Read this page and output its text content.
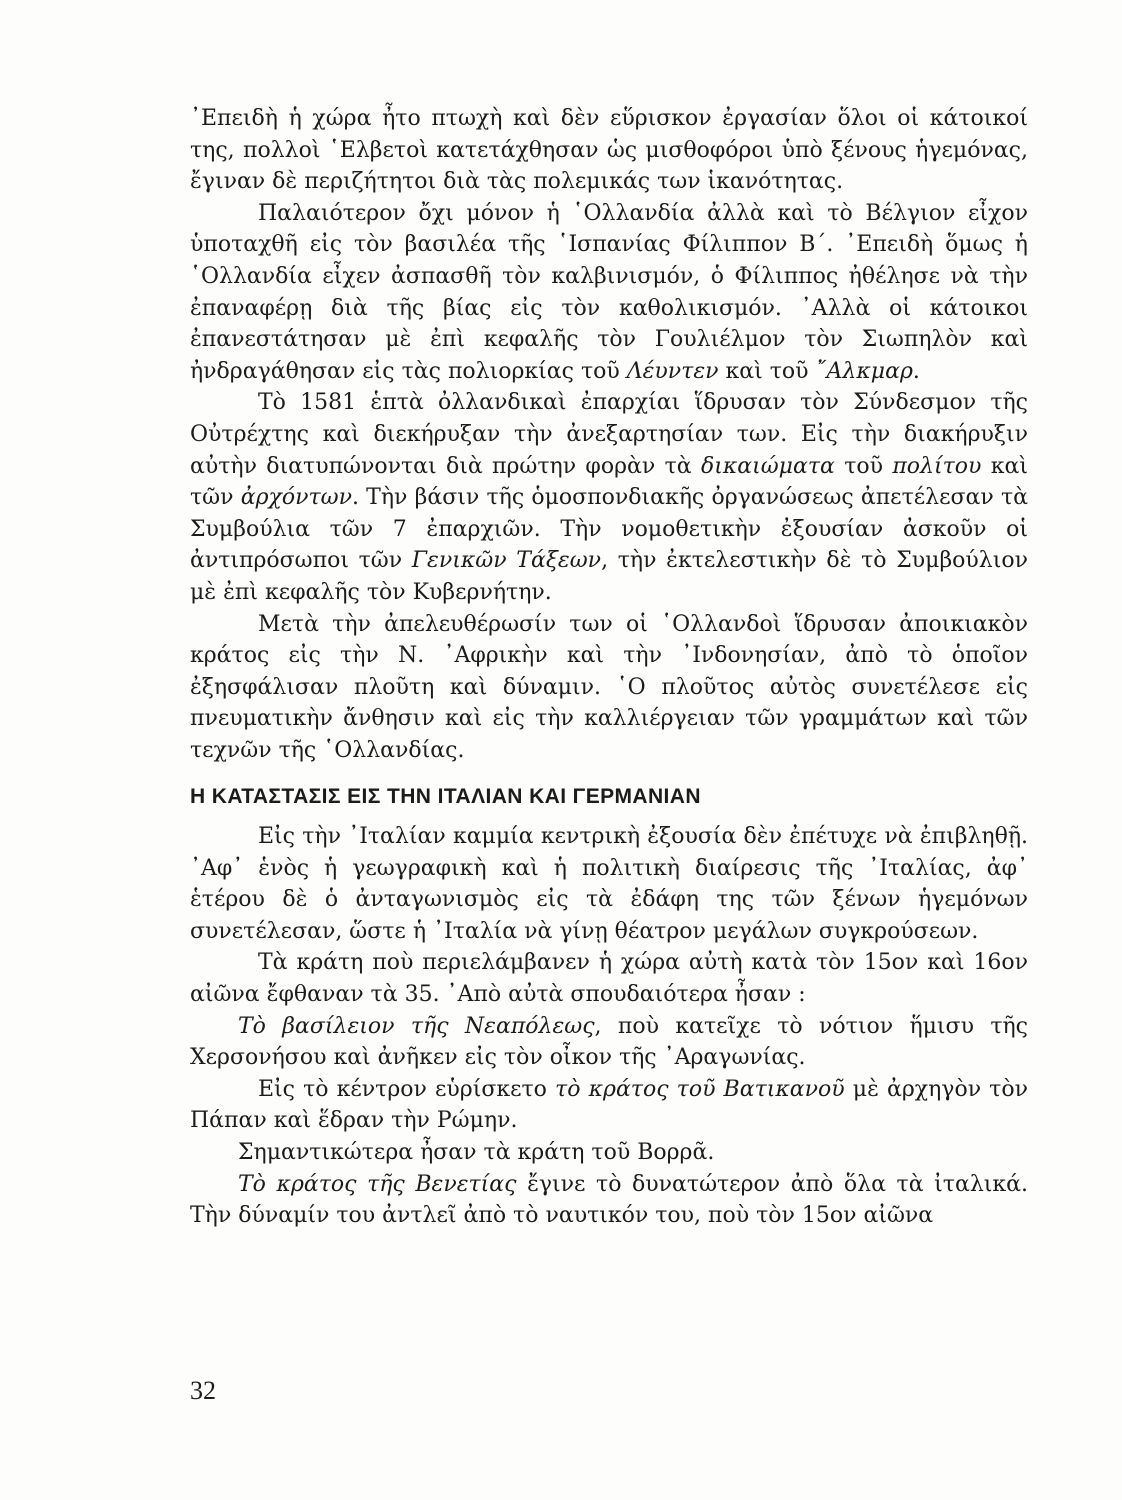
᾿Επειδὴ ἡ χώρα ἦτο πτωχὴ καὶ δὲν εὕρισκον ἐργασίαν ὅλοι οἱ κάτοικοί της, πολλοὶ ῾Ελβετοὶ κατετάχθησαν ὡς μισθοφόροι ὑπὸ ξένους ἡγεμόνας, ἔγιναν δὲ περιζήτητοι διὰ τὰς πολεμικάς των ἱκανότητας.

Παλαιότερον ὄχι μόνον ἡ ῾Ολλανδία ἀλλὰ καὶ τὸ Βέλγιον εἶχον ὑποταχθῆ εἰς τὸν βασιλέα τῆς ῾Ισπανίας Φίλιππον Β΄. ᾿Επειδὴ ὅμως ἡ ῾Ολλανδία εἶχεν ἀσπασθῆ τὸν καλβινισμόν, ὁ Φίλιππος ἠθέλησε νὰ τὴν ἐπαναφέρῃ διὰ τῆς βίας εἰς τὸν καθολικισμόν. ᾿Αλλὰ οἱ κάτοικοι ἐπανεστάτησαν μὲ ἐπὶ κεφαλῆς τὸν Γουλιέλμον τὸν Σιωπηλὸν καὶ ἠνδραγάθησαν εἰς τὰς πολιορκίας τοῦ Λέυντεν καὶ τοῦ ῎Αλκμαρ.

Τὸ 1581 ἑπτὰ ὀλλανδικαὶ ἐπαρχίαι ἵδρυσαν τὸν Σύνδεσμον τῆς Οὐτρέχτης καὶ διεκήρυξαν τὴν ἀνεξαρτησίαν των. Εἰς τὴν διακήρυξιν αὐτὴν διατυπώνονται διὰ πρώτην φορὰν τὰ δικαιώματα τοῦ πολίτου καὶ τῶν ἀρχόντων. Τὴν βάσιν τῆς ὁμοσπονδιακῆς ὀργανώσεως ἀπετέλεσαν τὰ Συμβούλια τῶν 7 ἐπαρχιῶν. Τὴν νομοθετικὴν ἐξουσίαν ἀσκοῦν οἱ ἀντιπρόσωποι τῶν Γενικῶν Τάξεων, τὴν ἐκτελεστικὴν δὲ τὸ Συμβούλιον μὲ ἐπὶ κεφαλῆς τὸν Κυβερνήτην.

Μετὰ τὴν ἀπελευθέρωσίν των οἱ ῾Ολλανδοὶ ἵδρυσαν ἀποικιακὸν κράτος εἰς τὴν Ν. ᾿Αφρικὴν καὶ τὴν ᾿Ινδονησίαν, ἀπὸ τὸ ὁποῖον ἐξησφάλισαν πλοῦτη καὶ δύναμιν. ῾Ο πλοῦτος αὐτὸς συνετέλεσε εἰς πνευματικὴν ἄνθησιν καὶ εἰς τὴν καλλιέργειαν τῶν γραμμάτων καὶ τῶν τεχνῶν τῆς ῾Ολλανδίας.

Η ΚΑΤΑΣΤΑΣΙΣ ΕΙΣ ΤΗΝ ΙΤΑΛΙΑΝ ΚΑΙ ΓΕΡΜΑΝΙΑΝ

Εἰς τὴν ᾿Ιταλίαν καμμία κεντρικὴ ἐξουσία δὲν ἐπέτυχε νὰ ἐπιβληθῇ. ᾿Αφ᾿ ἑνὸς ἡ γεωγραφικὴ καὶ ἡ πολιτικὴ διαίρεσις τῆς ᾿Ιταλίας, ἀφ᾿ ἑτέρου δὲ ὁ ἀνταγωνισμὸς εἰς τὰ ἐδάφη της τῶν ξένων ἡγεμόνων συνετέλεσαν, ὥστε ἡ ᾿Ιταλία νὰ γίνῃ θέατρον μεγάλων συγκρούσεων.

Τὰ κράτη ποὺ περιελάμβανεν ἡ χώρα αὐτὴ κατὰ τὸν 15ον καὶ 16ον αἰῶνα ἔφθαναν τὰ 35. ᾿Απὸ αὐτὰ σπουδαιότερα ἦσαν :

Τὸ βασίλειον τῆς Νεαπόλεως, ποὺ κατεῖχε τὸ νότιον ἥμισυ τῆς Χερσονήσου καὶ ἀνῆκεν εἰς τὸν οἶκον τῆς ᾿Αραγωνίας.

Εἰς τὸ κέντρον εὑρίσκετο τὸ κράτος τοῦ Βατικανοῦ μὲ ἀρχηγὸν τὸν Πάπαν καὶ ἕδραν τὴν Ρώμην.

Σημαντικώτερα ἦσαν τὰ κράτη τοῦ Βορρᾶ.

Τὸ κράτος τῆς Βενετίας ἔγινε τὸ δυνατώτερον ἀπὸ ὅλα τὰ ἰταλικά. Τὴν δύναμίν του ἀντλεῖ ἀπὸ τὸ ναυτικόν του, ποὺ τὸν 15ον αἰῶνα

32
